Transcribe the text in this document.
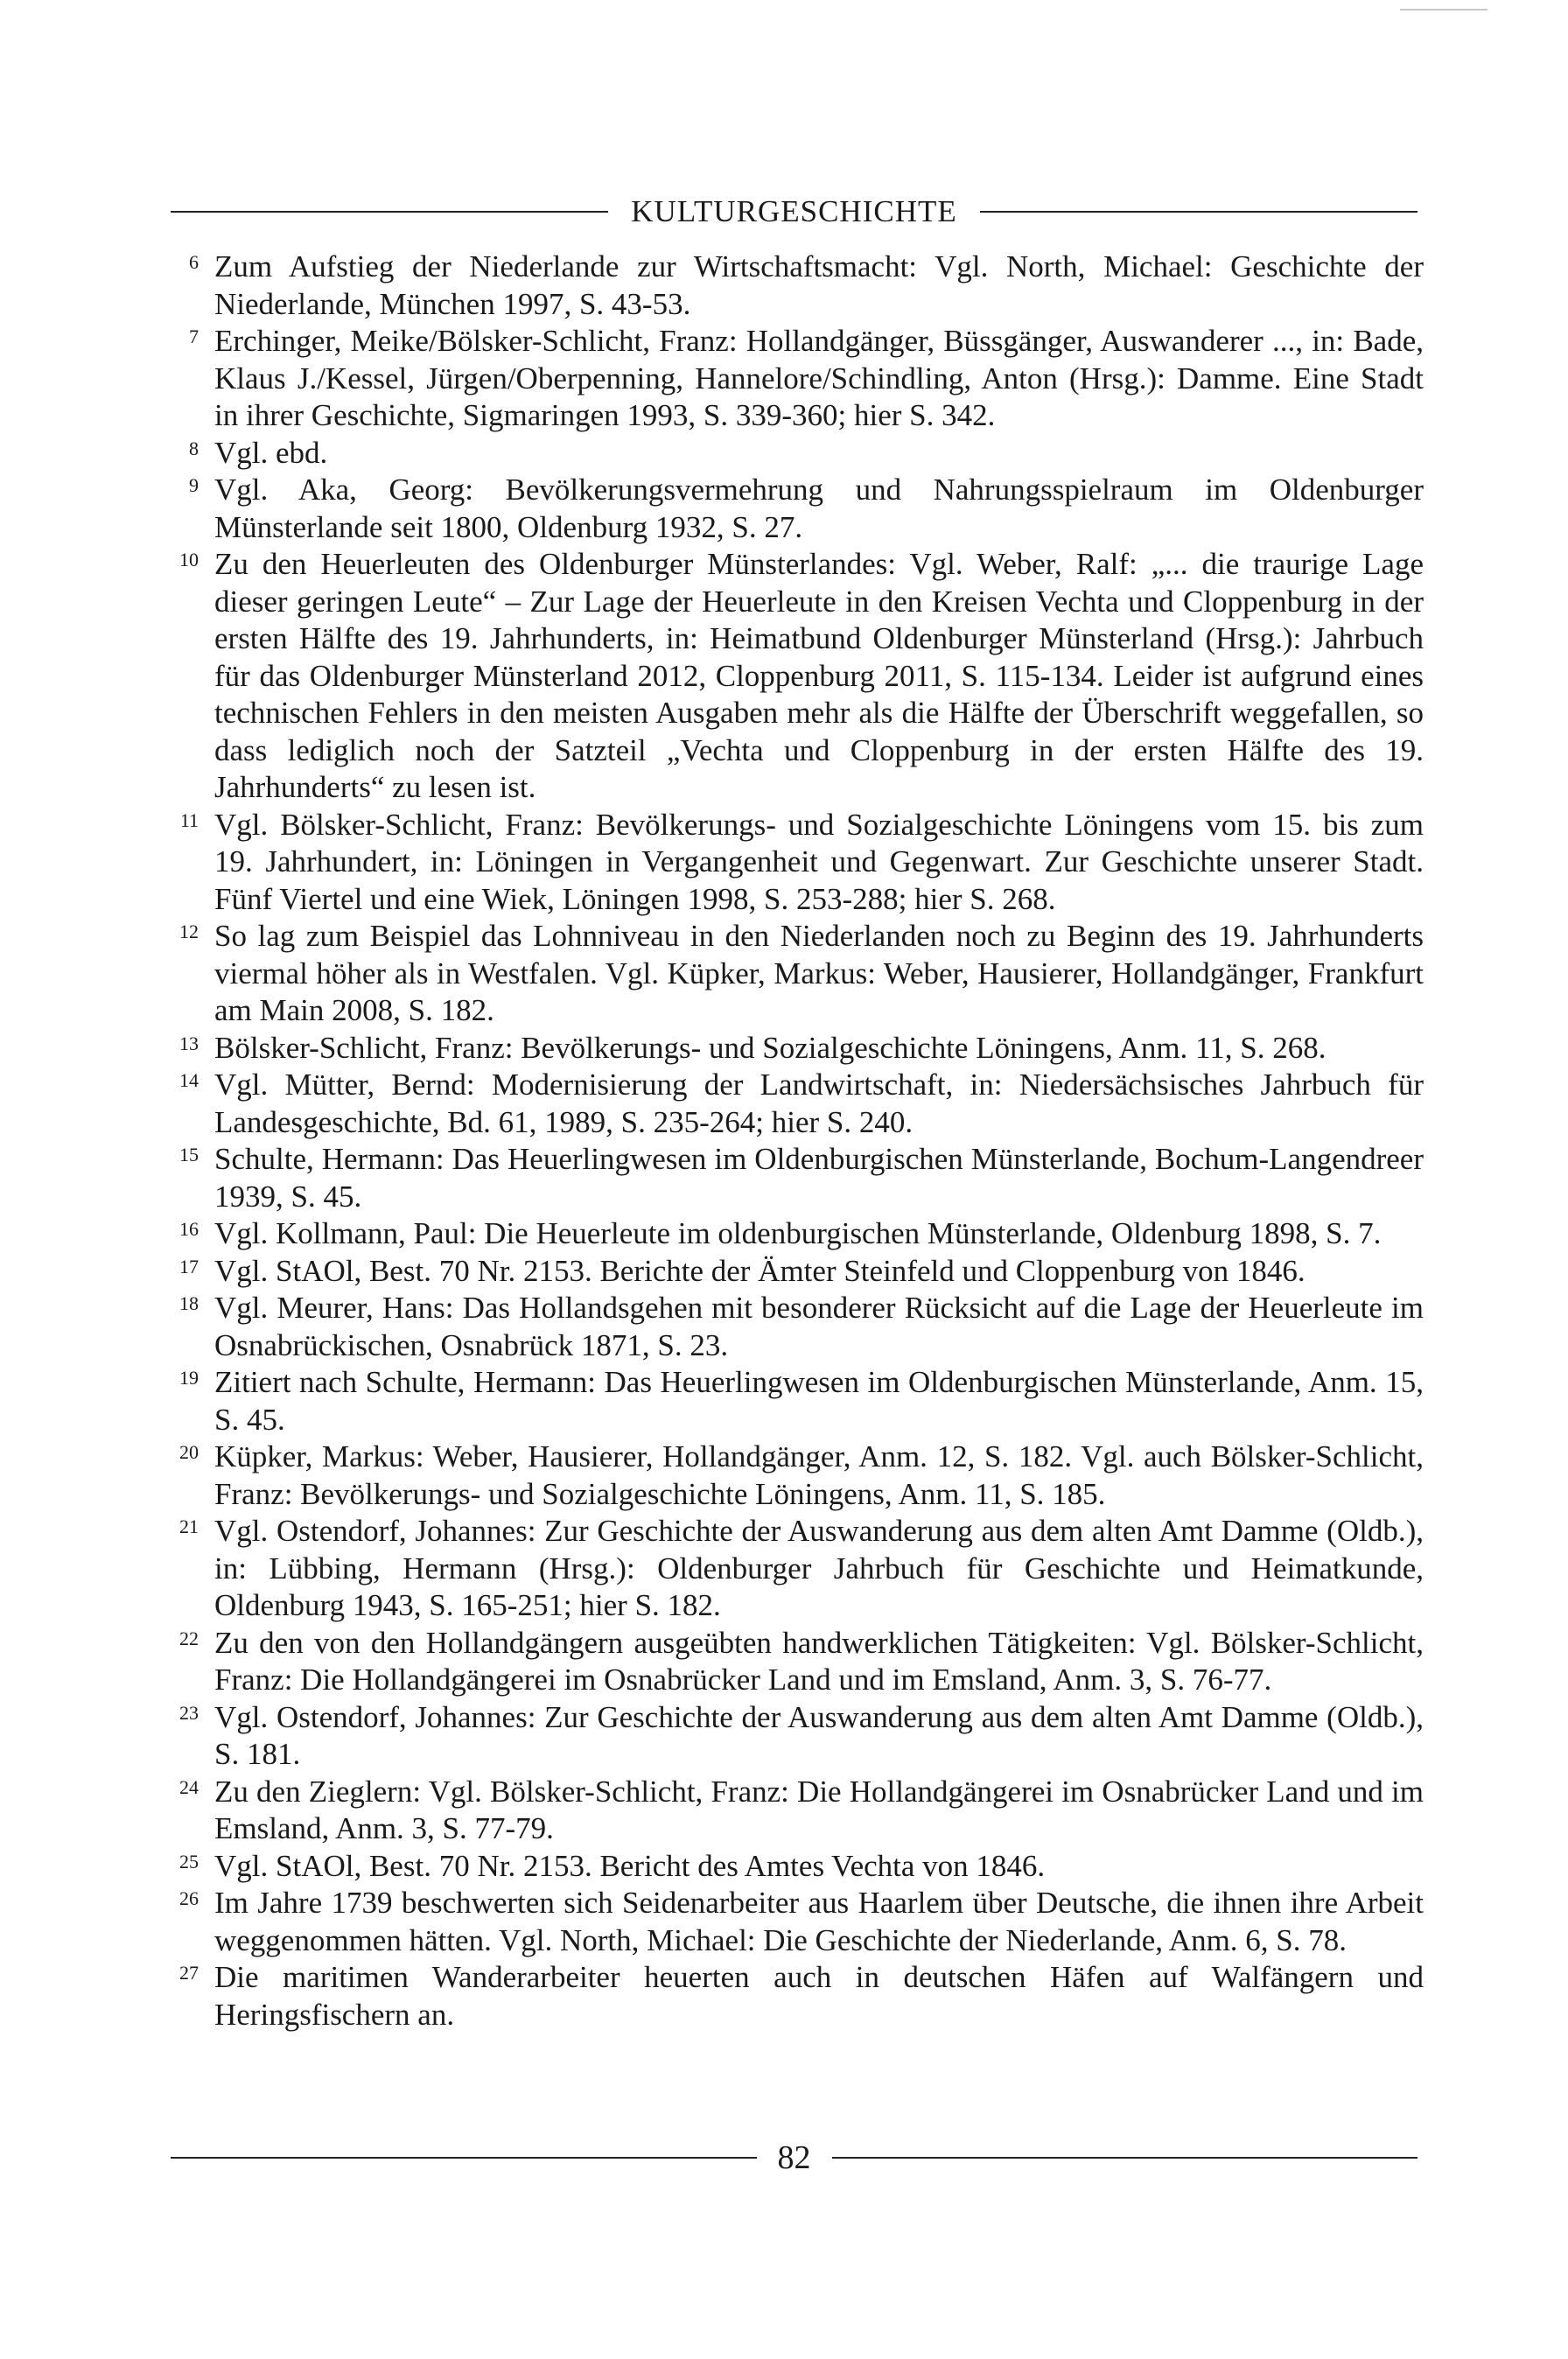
KULTURGESCHICHTE
6 Zum Aufstieg der Niederlande zur Wirtschaftsmacht: Vgl. North, Michael: Geschichte der Niederlande, München 1997, S. 43-53.
7 Erchinger, Meike/Bölsker-Schlicht, Franz: Hollandgänger, Büssgänger, Auswanderer ..., in: Bade, Klaus J./Kessel, Jürgen/Oberpenning, Hannelore/Schindling, Anton (Hrsg.): Damme. Eine Stadt in ihrer Geschichte, Sigmaringen 1993, S. 339-360; hier S. 342.
8 Vgl. ebd.
9 Vgl. Aka, Georg: Bevölkerungsvermehrung und Nahrungsspielraum im Oldenburger Münsterlande seit 1800, Oldenburg 1932, S. 27.
10 Zu den Heuerleuten des Oldenburger Münsterlandes: Vgl. Weber, Ralf: „... die traurige Lage dieser geringen Leute“ – Zur Lage der Heuerleute in den Kreisen Vechta und Cloppenburg in der ersten Hälfte des 19. Jahrhunderts, in: Heimatbund Oldenburger Münsterland (Hrsg.): Jahrbuch für das Oldenburger Münsterland 2012, Cloppenburg 2011, S. 115-134. Leider ist aufgrund eines technischen Fehlers in den meisten Ausgaben mehr als die Hälfte der Überschrift weggefallen, so dass lediglich noch der Satzteil „Vechta und Cloppenburg in der ersten Hälfte des 19. Jahrhunderts“ zu lesen ist.
11 Vgl. Bölsker-Schlicht, Franz: Bevölkerungs- und Sozialgeschichte Löningens vom 15. bis zum 19. Jahrhundert, in: Löningen in Vergangenheit und Gegenwart. Zur Geschichte unserer Stadt. Fünf Viertel und eine Wiek, Löningen 1998, S. 253-288; hier S. 268.
12 So lag zum Beispiel das Lohnniveau in den Niederlanden noch zu Beginn des 19. Jahrhunderts viermal höher als in Westfalen. Vgl. Küpker, Markus: Weber, Hausierer, Hollandgänger, Frankfurt am Main 2008, S. 182.
13 Bölsker-Schlicht, Franz: Bevölkerungs- und Sozialgeschichte Löningens, Anm. 11, S. 268.
14 Vgl. Mütter, Bernd: Modernisierung der Landwirtschaft, in: Niedersächsisches Jahrbuch für Landesgeschichte, Bd. 61, 1989, S. 235-264; hier S. 240.
15 Schulte, Hermann: Das Heuerlingwesen im Oldenburgischen Münsterlande, Bochum-Langendreer 1939, S. 45.
16 Vgl. Kollmann, Paul: Die Heuerleute im oldenburgischen Münsterlande, Oldenburg 1898, S. 7.
17 Vgl. StAOl, Best. 70 Nr. 2153. Berichte der Ämter Steinfeld und Cloppenburg von 1846.
18 Vgl. Meurer, Hans: Das Hollandsgehen mit besonderer Rücksicht auf die Lage der Heuerleute im Osnabrückischen, Osnabrück 1871, S. 23.
19 Zitiert nach Schulte, Hermann: Das Heuerlingwesen im Oldenburgischen Münsterlande, Anm. 15, S. 45.
20 Küpker, Markus: Weber, Hausierer, Hollandgänger, Anm. 12, S. 182. Vgl. auch Bölsker-Schlicht, Franz: Bevölkerungs- und Sozialgeschichte Löningens, Anm. 11, S. 185.
21 Vgl. Ostendorf, Johannes: Zur Geschichte der Auswanderung aus dem alten Amt Damme (Oldb.), in: Lübbing, Hermann (Hrsg.): Oldenburger Jahrbuch für Geschichte und Heimatkunde, Oldenburg 1943, S. 165-251; hier S. 182.
22 Zu den von den Hollandgängern ausgeübten handwerklichen Tätigkeiten: Vgl. Bölsker-Schlicht, Franz: Die Hollandgängerei im Osnabrücker Land und im Emsland, Anm. 3, S. 76-77.
23 Vgl. Ostendorf, Johannes: Zur Geschichte der Auswanderung aus dem alten Amt Damme (Oldb.), S. 181.
24 Zu den Zieglern: Vgl. Bölsker-Schlicht, Franz: Die Hollandgängerei im Osnabrücker Land und im Emsland, Anm. 3, S. 77-79.
25 Vgl. StAOl, Best. 70 Nr. 2153. Bericht des Amtes Vechta von 1846.
26 Im Jahre 1739 beschwerten sich Seidenarbeiter aus Haarlem über Deutsche, die ihnen ihre Arbeit weggenommen hätten. Vgl. North, Michael: Die Geschichte der Niederlande, Anm. 6, S. 78.
27 Die maritimen Wanderarbeiter heuerten auch in deutschen Häfen auf Walfängern und Heringsfischern an.
82
